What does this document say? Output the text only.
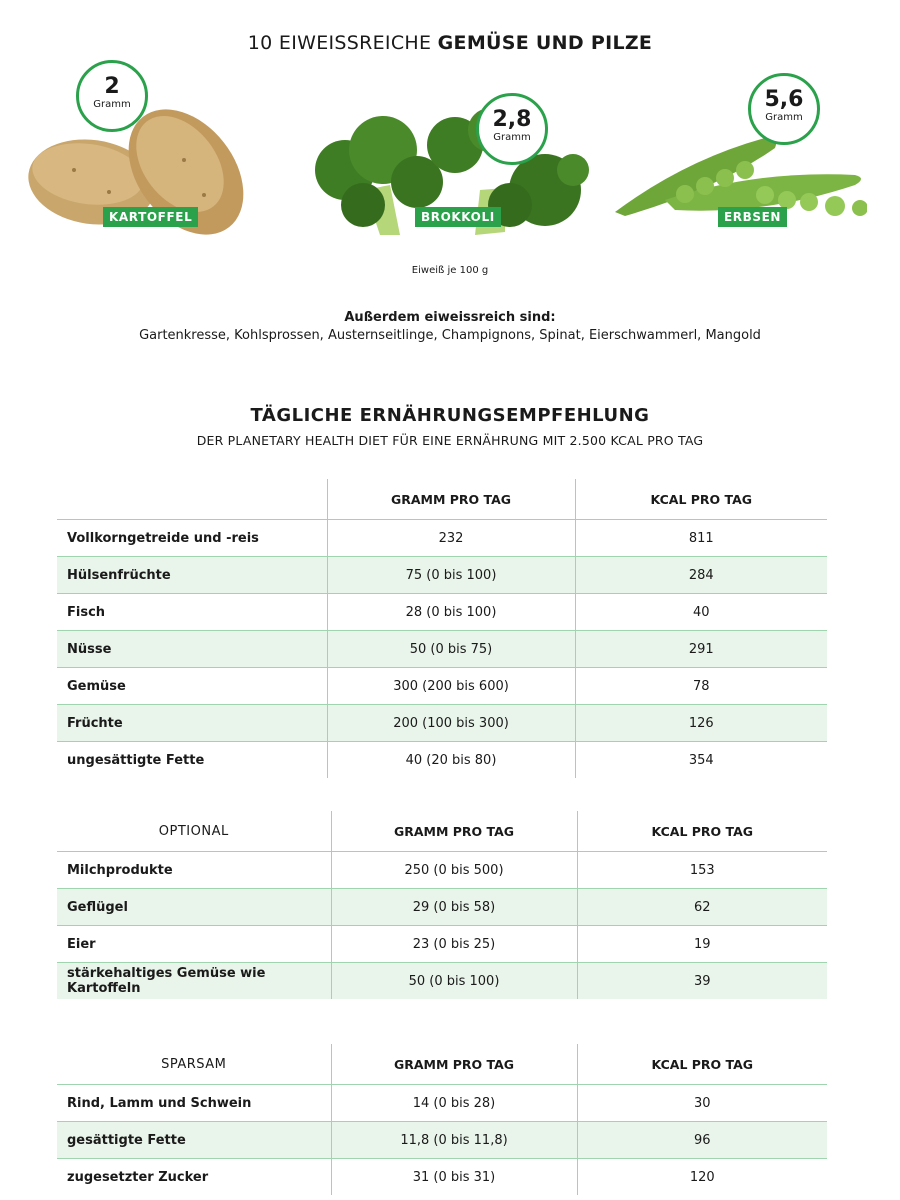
10 EIWEISSREICHE GEMÜSE UND PILZE
2
Gramm
KARTOFFEL
2,8
Gramm
BROKKOLI
5,6
Gramm
ERBSEN
Eiweiß je 100 g
Außerdem eiweissreich sind:
Gartenkresse, Kohlsprossen, Austernseitlinge, Champignons, Spinat, Eierschwammerl, Mangold
TÄGLICHE ERNÄHRUNGSEMPFEHLUNG
DER PLANETARY HEALTH DIET FÜR EINE ERNÄHRUNG MIT 2.500 KCAL PRO TAG
	GRAMM PRO TAG	KCAL PRO TAG
Vollkorngetreide und -reis	232	811
Hülsenfrüchte	75 (0 bis 100)	284
Fisch	28 (0 bis 100)	40
Nüsse	50 (0 bis 75)	291
Gemüse	300 (200 bis 600)	78
Früchte	200 (100 bis 300)	126
ungesättigte Fette	40 (20 bis 80)	354
OPTIONAL	GRAMM PRO TAG	KCAL PRO TAG
Milchprodukte	250 (0 bis 500)	153
Geflügel	29 (0 bis 58)	62
Eier	23 (0 bis 25)	19
stärkehaltiges Gemüse wie Kartoffeln	50 (0 bis 100)	39
SPARSAM	GRAMM PRO TAG	KCAL PRO TAG
Rind, Lamm und Schwein	14 (0 bis 28)	30
gesättigte Fette	11,8 (0 bis 11,8)	96
zugesetzter Zucker	31 (0 bis 31)	120
